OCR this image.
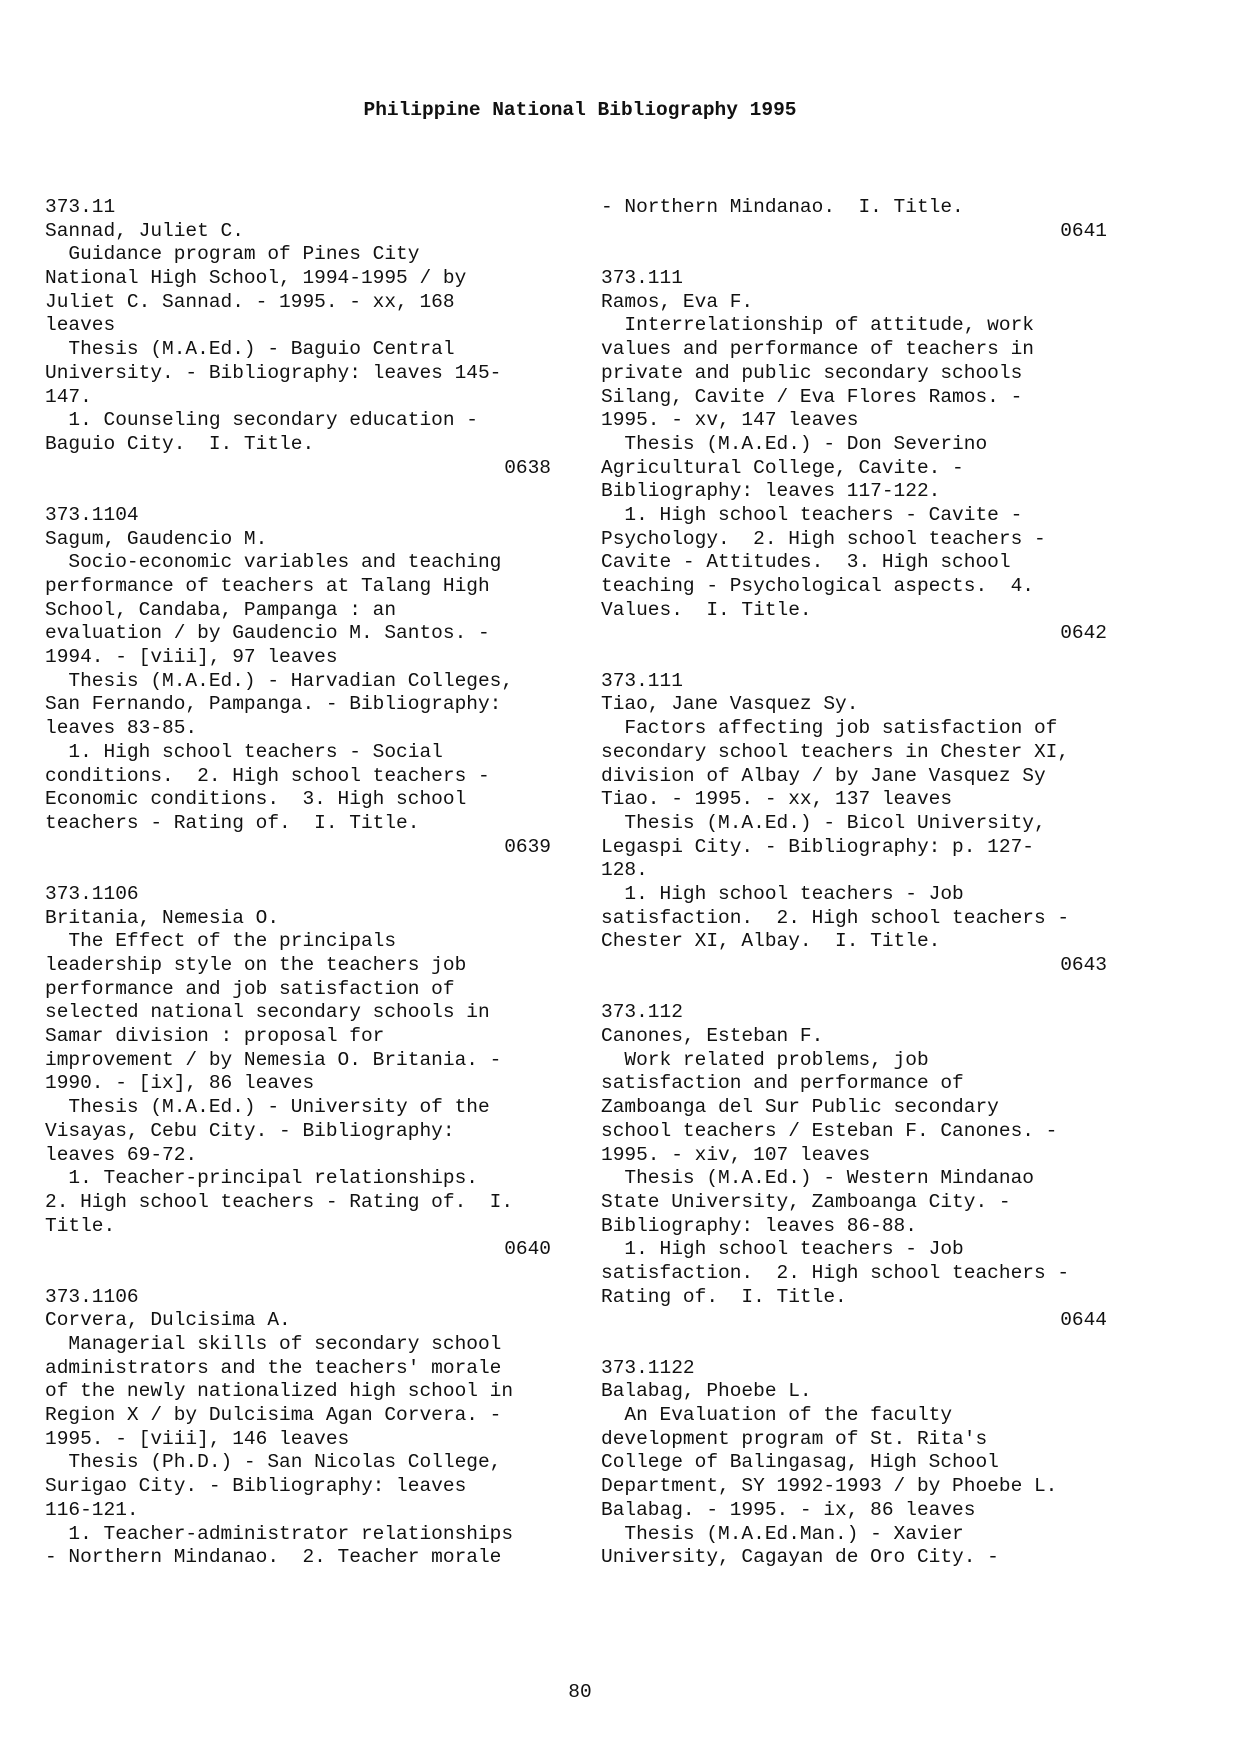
Philippine National Bibliography 1995
373.11
Sannad, Juliet C.
Guidance program of Pines City
National High School, 1994-1995 / by
Juliet C. Sannad. - 1995. - xx, 168
leaves
Thesis (M.A.Ed.) - Baguio Central
University. - Bibliography: leaves 145-
147.
1. Counseling secondary education -
Baguio City.  I. Title.
0638
373.1104
Sagum, Gaudencio M.
Socio-economic variables and teaching
performance of teachers at Talang High
School, Candaba, Pampanga : an
evaluation / by Gaudencio M. Santos. -
1994. - [viii], 97 leaves
Thesis (M.A.Ed.) - Harvadian Colleges,
San Fernando, Pampanga. - Bibliography:
leaves 83-85.
1. High school teachers - Social
conditions.  2. High school teachers -
Economic conditions.  3. High school
teachers - Rating of.  I. Title.
0639
373.1106
Britania, Nemesia O.
The Effect of the principals
leadership style on the teachers job
performance and job satisfaction of
selected national secondary schools in
Samar division : proposal for
improvement / by Nemesia O. Britania. -
1990. - [ix], 86 leaves
Thesis (M.A.Ed.) - University of the
Visayas, Cebu City. - Bibliography:
leaves 69-72.
1. Teacher-principal relationships.
2. High school teachers - Rating of.  I.
Title.
0640
373.1106
Corvera, Dulcisima A.
Managerial skills of secondary school
administrators and the teachers' morale
of the newly nationalized high school in
Region X / by Dulcisima Agan Corvera. -
1995. - [viii], 146 leaves
Thesis (Ph.D.) - San Nicolas College,
Surigao City. - Bibliography: leaves
116-121.
1. Teacher-administrator relationships
- Northern Mindanao.  2. Teacher morale
- Northern Mindanao.  I. Title.
0641
373.111
Ramos, Eva F.
Interrelationship of attitude, work
values and performance of teachers in
private and public secondary schools
Silang, Cavite / Eva Flores Ramos. -
1995. - xv, 147 leaves
Thesis (M.A.Ed.) - Don Severino
Agricultural College, Cavite. -
Bibliography: leaves 117-122.
1. High school teachers - Cavite -
Psychology.  2. High school teachers -
Cavite - Attitudes.  3. High school
teaching - Psychological aspects.  4.
Values.  I. Title.
0642
373.111
Tiao, Jane Vasquez Sy.
Factors affecting job satisfaction of
secondary school teachers in Chester XI,
division of Albay / by Jane Vasquez Sy
Tiao. - 1995. - xx, 137 leaves
Thesis (M.A.Ed.) - Bicol University,
Legaspi City. - Bibliography: p. 127-
128.
1. High school teachers - Job
satisfaction.  2. High school teachers -
Chester XI, Albay.  I. Title.
0643
373.112
Canones, Esteban F.
Work related problems, job
satisfaction and performance of
Zamboanga del Sur Public secondary
school teachers / Esteban F. Canones. -
1995. - xiv, 107 leaves
Thesis (M.A.Ed.) - Western Mindanao
State University, Zamboanga City. -
Bibliography: leaves 86-88.
1. High school teachers - Job
satisfaction.  2. High school teachers -
Rating of.  I. Title.
0644
373.1122
Balabag, Phoebe L.
An Evaluation of the faculty
development program of St. Rita's
College of Balingasag, High School
Department, SY 1992-1993 / by Phoebe L.
Balabag. - 1995. - ix, 86 leaves
Thesis (M.A.Ed.Man.) - Xavier
University, Cagayan de Oro City. -
80
